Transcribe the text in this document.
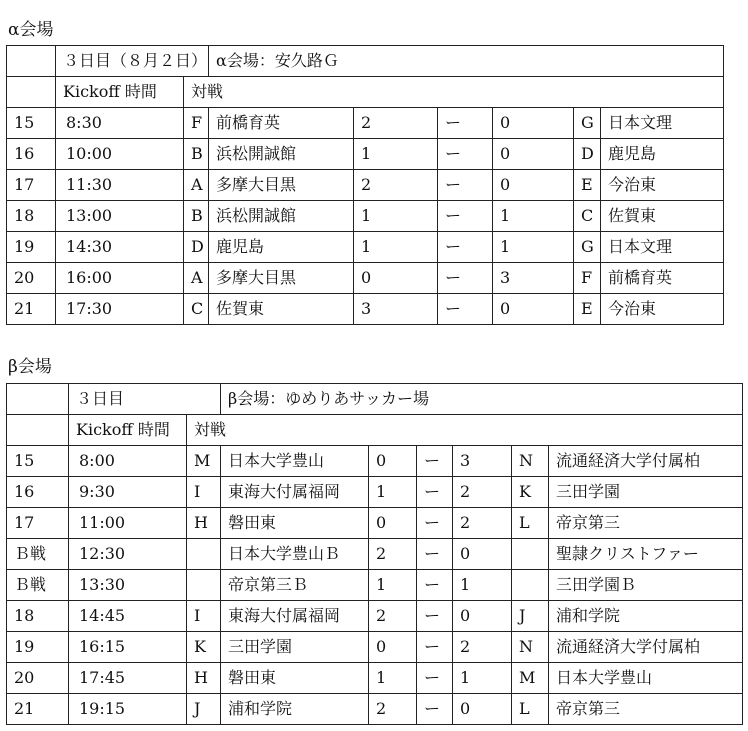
α会場
	３日目（８月２日）		α会場：安久路Ｇ					
	Kickoff 時間	対戦						
15	8:30	F	前橋育英	2	ー	0	G	日本文理
16	10:00	B	浜松開誠館	1	ー	0	D	鹿児島
17	11:30	A	多摩大目黒	2	ー	0	E	今治東
18	13:00	B	浜松開誠館	1	ー	1	C	佐賀東
19	14:30	D	鹿児島	1	ー	1	G	日本文理
20	16:00	A	多摩大目黒	0	ー	3	F	前橋育英
21	17:30	C	佐賀東	3	ー	0	E	今治東
β会場
	３日目		β会場：ゆめりあサッカー場					
	Kickoff 時間	対戦						
15	8:00	M	日本大学豊山	0	ー	3	N	流通経済大学付属柏
16	9:30	I	東海大付属福岡	1	ー	2	K	三田学園
17	11:00	H	磐田東	0	ー	2	L	帝京第三
Ｂ戦	12:30		日本大学豊山Ｂ	2	ー	0		聖隷クリストファー
Ｂ戦	13:30		帝京第三Ｂ	1	ー	1		三田学園Ｂ
18	14:45	I	東海大付属福岡	2	ー	0	J	浦和学院
19	16:15	K	三田学園	0	ー	2	N	流通経済大学付属柏
20	17:45	H	磐田東	1	ー	1	M	日本大学豊山
21	19:15	J	浦和学院	2	ー	0	L	帝京第三
